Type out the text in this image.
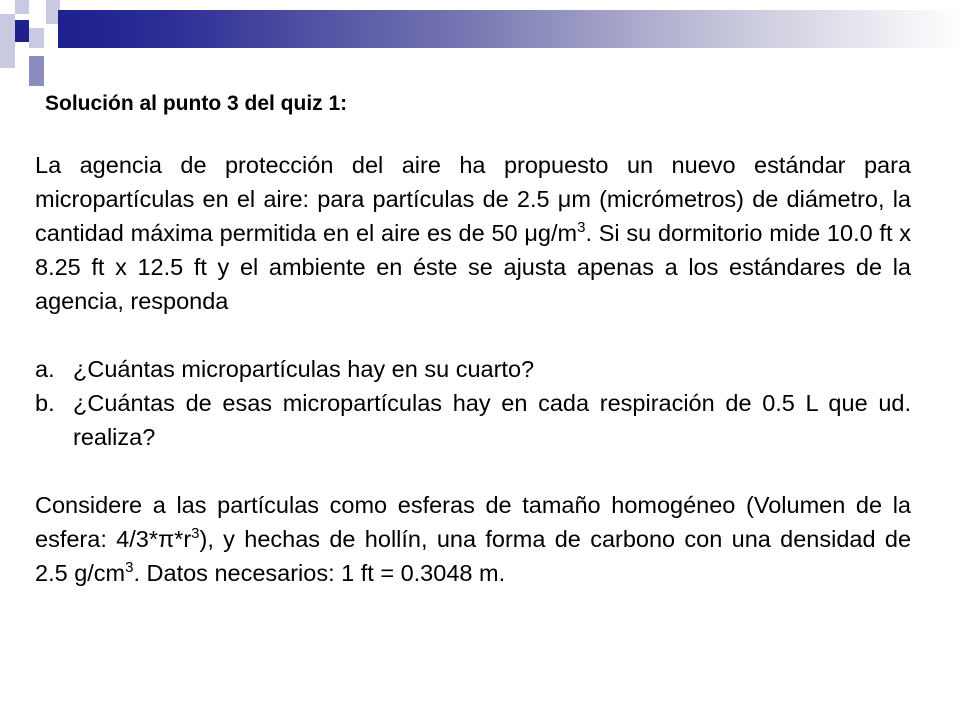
Solución al punto 3 del quiz 1:

La agencia de protección del aire ha propuesto un nuevo estándar para micropartículas en el aire: para partículas de 2.5 μm (micrómetros) de diámetro, la cantidad máxima permitida en el aire es de 50 $\mu g/m^3$. Si su dormitorio mide 10.0 ft x 8.25 ft x 12.5 ft y el ambiente en éste se ajusta apenas a los estándares de la agencia, responda

a. ¿Cuántas micropartículas hay en su cuarto?
b. ¿Cuántas de esas micropartículas hay en cada respiración de 0.5 L que ud. realiza?

Considere a las partículas como esferas de tamaño homogéneo (Volumen de la esfera: $4/3*\pi*r^3$), y hechas de hollín, una forma de carbono con una densidad de 2.5 $g/cm^3$. Datos necesarios: 1 ft = 0.3048 m.
